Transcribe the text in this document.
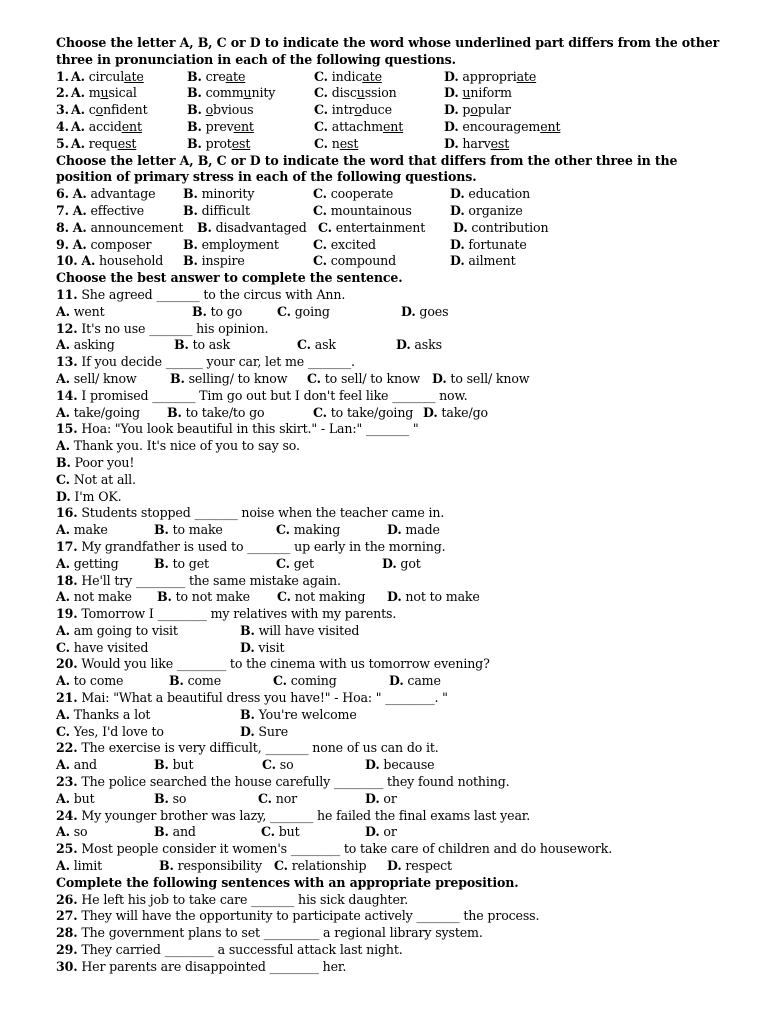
Choose the letter A, B, C or D to indicate the word whose underlined part differs from the other three in pronunciation in each of the following questions.
1. A. circulate	B. create	C. indicate	D. appropriate
2. A. musical	B. community	C. discussion	D. uniform
3. A. confident	B. obvious	C. introduce	D. popular
4. A. accident	B. prevent	C. attachment	D. encouragement
5. A. request	B. protest	C. nest	D. harvest
Choose the letter A, B, C or D to indicate the word that differs from the other three in the position of primary stress in each of the following questions.
6. A. advantage B. minority	C. cooperate	D. education
7. A. effective	B. difficult	C. mountainous	D. organize
8. A. announcement B. disadvantaged C. entertainment D. contribution
9. A. composer	B. employment	C. excited	D. fortunate
10. A. household B. inspire	C. compound	D. ailment
Choose the best answer to complete the sentence.
11. She agreed _______ to the circus with Ann.
A. went	B. to go	C. going	D. goes
12. It's no use _______ his opinion.
A. asking	B. to ask	C. ask	D. asks
13. If you decide ______ your car, let me _______.
A. sell/ know	B. selling/ to know C. to sell/ to know D. to sell/ know
14. I promised _______ Tim go out but I don't feel like _______ now.
A. take/going B. to take/to go	C. to take/going D. take/go
15. Hoa: "You look beautiful in this skirt." - Lan:" _______ "
A. Thank you. It's nice of you to say so.
B. Poor you!
C. Not at all.
D. I'm OK.
16. Students stopped _______ noise when the teacher came in.
A. make	B. to make	C. making	D. made
17. My grandfather is used to _______ up early in the morning.
A. getting	B. to get	C. get	D. got
18. He'll try ________ the same mistake again.
A. not make B. to not make C. not making D. not to make
19. Tomorrow I ________ my relatives with my parents.
A. am going to visit	B. will have visited
C. have visited	D. visit
20. Would you like ________ to the cinema with us tomorrow evening?
A. to come	B. come	C. coming	D. came
21. Mai: "What a beautiful dress you have!" - Hoa: " ________. "
A. Thanks a lot	B. You're welcome
C. Yes, I'd love to	D. Sure
22. The exercise is very difficult, _______ none of us can do it.
A. and	B. but	C. so	D. because
23. The police searched the house carefully ________ they found nothing.
A. but	B. so	C. nor	D. or
24. My younger brother was lazy, _______ he failed the final exams last year.
A. so	B. and	C. but	D. or
25. Most people consider it women's ________ to take care of children and do housework.
A. limit	B. responsibility C. relationship D. respect
Complete the following sentences with an appropriate preposition.
26. He left his job to take care _______ his sick daughter.
27. They will have the opportunity to participate actively _______ the process.
28. The government plans to set _________ a regional library system.
29. They carried ________ a successful attack last night.
30. Her parents are disappointed ________ her.
